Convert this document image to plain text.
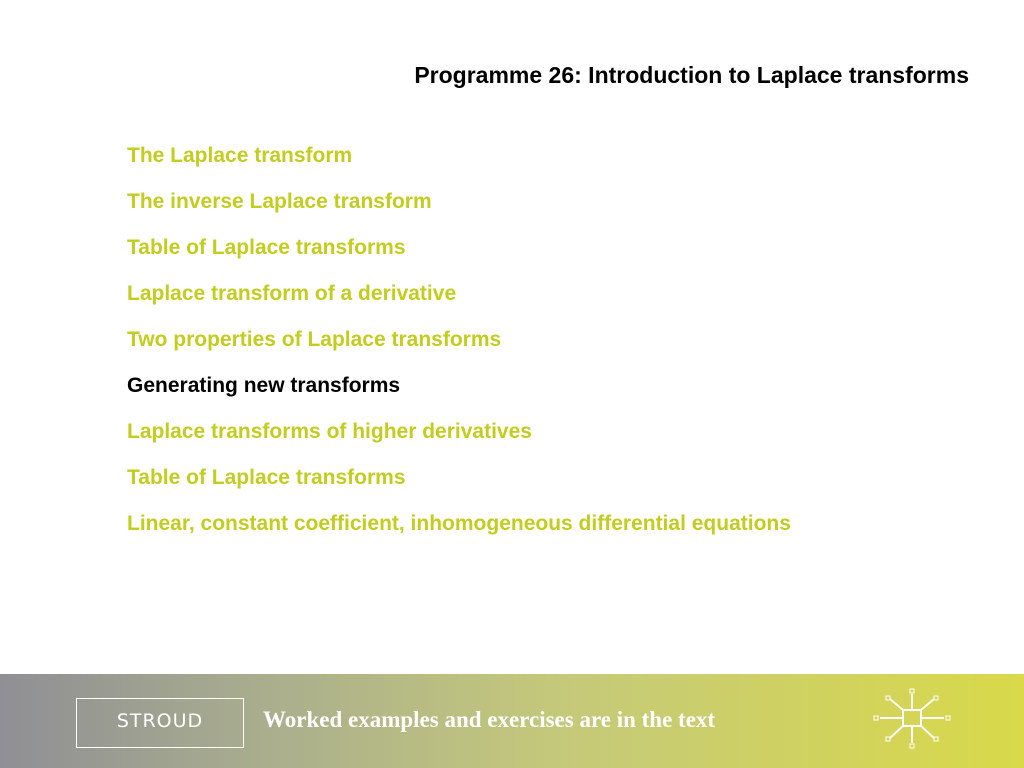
Programme 26: Introduction to Laplace transforms
The Laplace transform
The inverse Laplace transform
Table of Laplace transforms
Laplace transform of a derivative
Two properties of Laplace transforms
Generating new transforms
Laplace transforms of higher derivatives
Table of Laplace transforms
Linear, constant coefficient, inhomogeneous differential equations
STROUD	Worked examples and exercises are in the text
